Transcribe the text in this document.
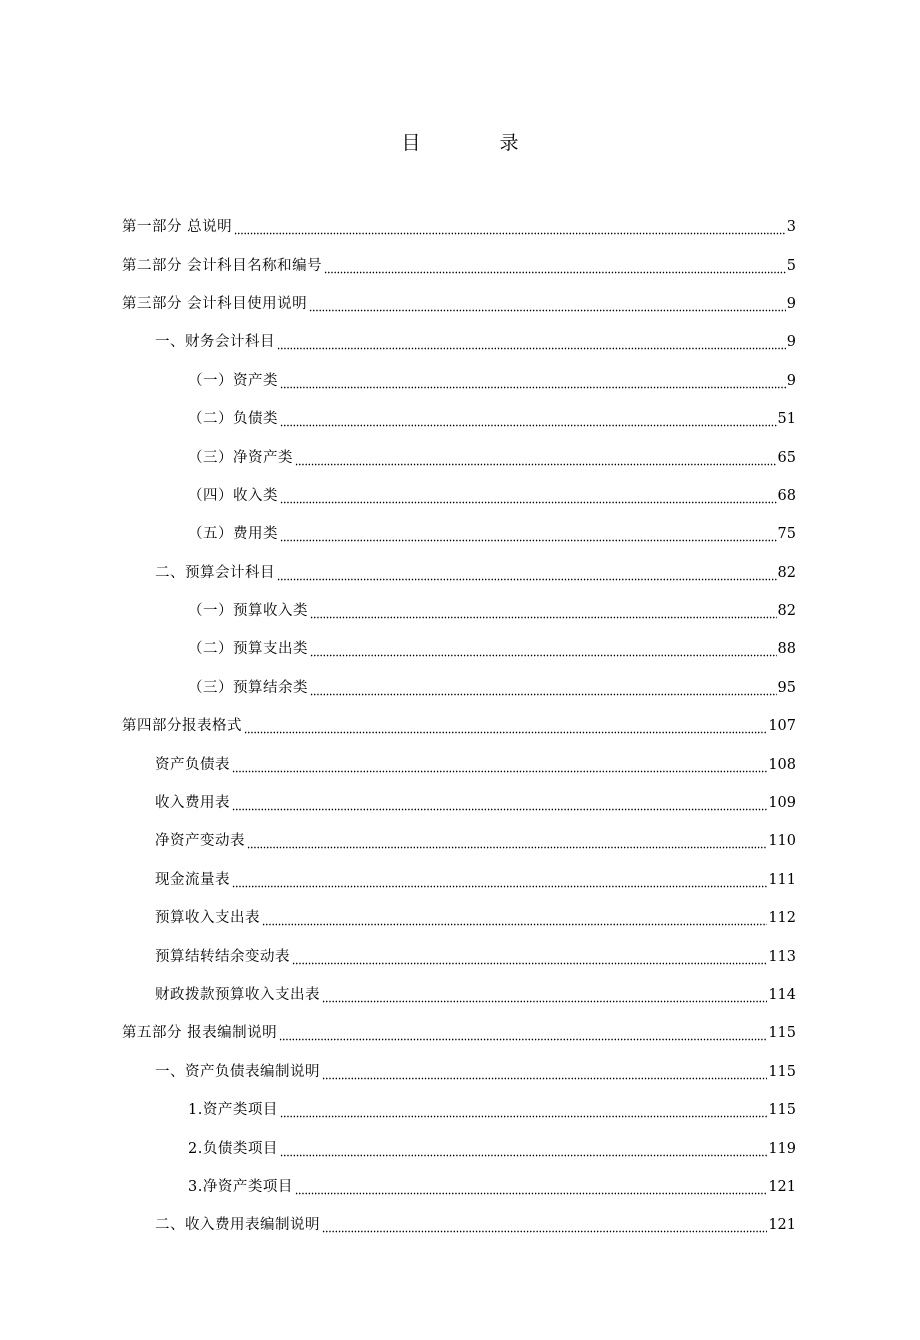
目　录
第一部分 总说明	3
第二部分 会计科目名称和编号	5
第三部分 会计科目使用说明	9
一、财务会计科目	9
（一）资产类	9
（二）负债类	51
（三）净资产类	65
（四）收入类	68
（五）费用类	75
二、预算会计科目	82
（一）预算收入类	82
（二）预算支出类	88
（三）预算结余类	95
第四部分报表格式	107
资产负债表	108
收入费用表	109
净资产变动表	110
现金流量表	111
预算收入支出表	112
预算结转结余变动表	113
财政拨款预算收入支出表	114
第五部分 报表编制说明	115
一、资产负债表编制说明	115
1.资产类项目	115
2.负债类项目	119
3.净资产类项目	121
二、收入费用表编制说明	121
